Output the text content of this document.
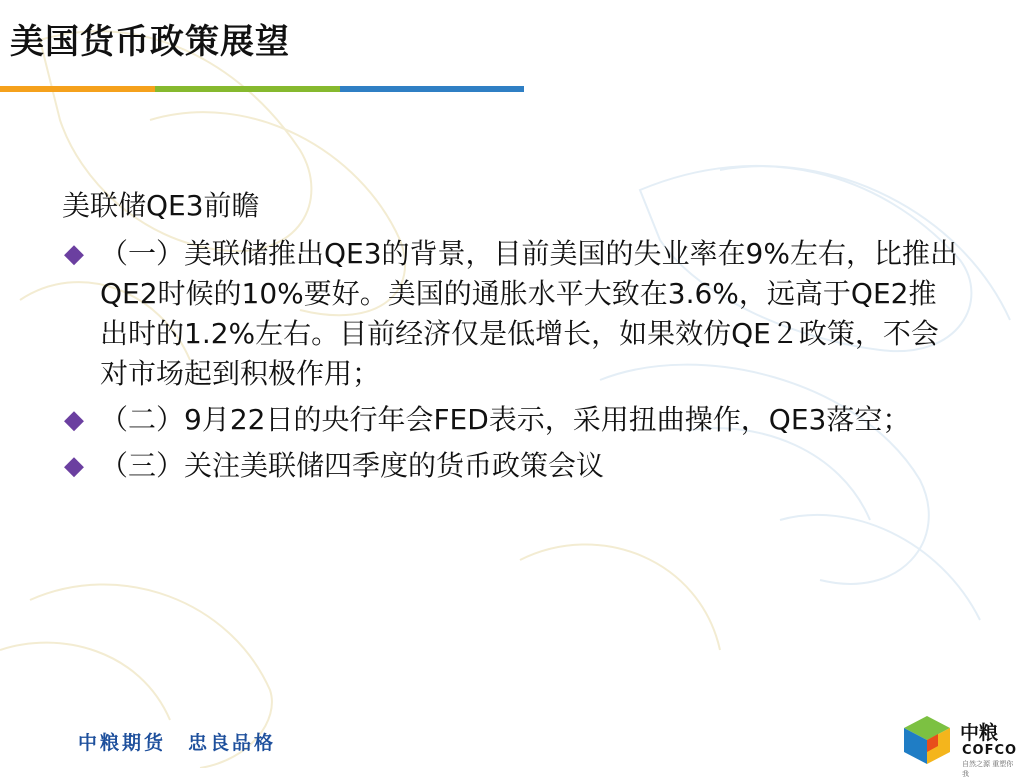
美国货币政策展望
美联储QE3前瞻
◆ （一）美联储推出QE3的背景，目前美国的失业率在9%左右，比推出QE2时候的10%要好。美国的通胀水平大致在3.6%，远高于QE2推出时的1.2%左右。目前经济仅是低增长，如果效仿QE２政策，不会对市场起到积极作用；
◆ （二）9月22日的央行年会FED表示，采用扭曲操作，QE3落空；
◆ （三）关注美联储四季度的货币政策会议
中粮期货　忠良品格	中粮
COFCO
自然之源 重塑你我
